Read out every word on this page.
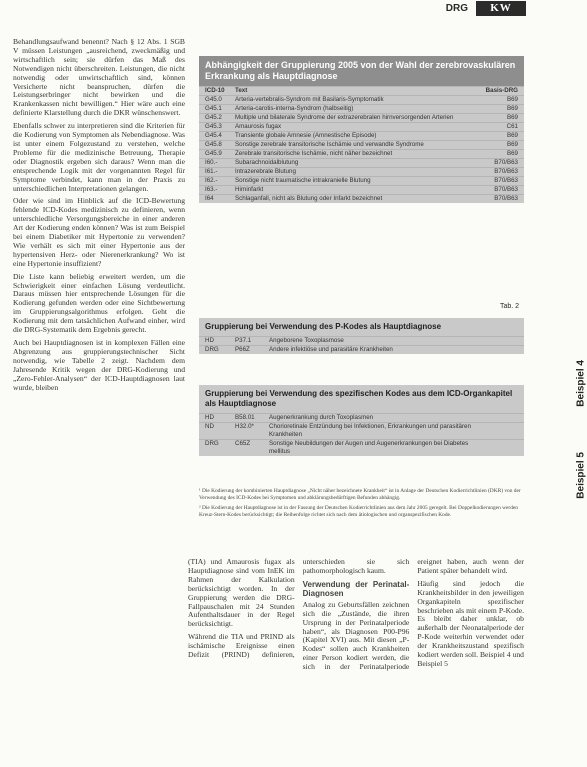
DRG	KW

Behandlungsaufwand benennt? Nach § 12 Abs. 1 SGB V müssen Leistungen „ausreichend, zweckmäßig und wirtschaftlich sein; sie dürfen das Maß des Notwendigen nicht überschreiten. Leistungen, die nicht notwendig oder unwirtschaftlich sind, können Versicherte nicht beanspruchen, dürfen die Leistungserbringer nicht bewirken und die Krankenkassen nicht bewilligen.“ Hier wäre auch eine definierte Klarstellung durch die DKR wünschenswert.

Ebenfalls schwer zu interpretieren sind die Kriterien für die Kodierung von Symptomen als Nebendiagnose. Was ist unter einem Folgezustand zu verstehen, welche Probleme für die medizinische Betreuung, Therapie oder Diagnostik ergeben sich daraus? Wenn man die entsprechende Logik mit der vorgenannten Regel für Symptome verbindet, kann man in der Praxis zu unterschiedlichen Interpretationen gelangen.

Oder wie sind im Hinblick auf die ICD-Bewertung fehlende ICD-Kodes medizinisch zu definieren, wenn unterschiedliche Versorgungsbereiche in einer anderen Art der Kodierung enden können? Was ist zum Beispiel bei einem Diabetiker mit Hypertonie zu verwenden? Wie verhält es sich mit einer Hypertonie aus der hypertensiven Herz- oder Nierenerkrankung? Wo ist eine Hypertonie insuffizient?

Die Liste kann beliebig erweitert werden, um die Schwierigkeit einer einfachen Lösung verdeutlicht. Daraus müssen hier entsprechende Lösungen für die Kodierung gefunden werden oder eine Sichtbewertung im Gruppierungsalgorithmus erfolgen. Geht die Kodierung mit dem tatsächlichen Aufwand einher, wird die DRG-Systematik dem Ergebnis gerecht.

Auch bei Hauptdiagnosen ist in komplexen Fällen eine Abgrenzung aus gruppierungstechnischer Sicht notwendig, wie Tabelle 2 zeigt. Nachdem dem Jahresende Kritik wegen der DRG-Kodierung und „Zero-Fehler-Analysen“ der ICD-Hauptdiagnosen laut wurde, bleiben

Abhängigkeit der Gruppierung 2005 von der Wahl der zerebrovaskulären Erkrankung als Hauptdiagnose
ICD-10	Text	Basis-DRG
G45.0	Arteria-vertebralis-Syndrom mit Basilaris-Symptomatik	B69
G45.1	Arteria-carotis-interna-Syndrom (halbseitig)	B69
G45.2	Multiple und bilaterale Syndrome der extrazerebralen hirnversorgenden Arterien	B69
G45.3	Amaurosis fugax	C61
G45.4	Transiente globale Amnesie (Amnestische Episode)	B69
G45.8	Sonstige zerebrale transitorische Ischämie und verwandte Syndrome	B69
G45.9	Zerebrale transitorische Ischämie, nicht näher bezeichnet	B69
I60.-	Subarachnoidalblutung	B70/B63
I61.-	Intrazerebrale Blutung	B70/B63
I62.-	Sonstige nicht traumatische intrakranielle Blutung	B70/B63
I63.-	Hirninfarkt	B70/B63
I64	Schlaganfall, nicht als Blutung oder Infarkt bezeichnet	B70/B63
Tab. 2
Gruppierung bei Verwendung des P-Kodes als Hauptdiagnose
HD	P37.1	Angeborene Toxoplasmose
DRG	P66Z	Andere infektiöse und parasitäre Krankheiten
Gruppierung bei Verwendung des spezifischen Kodes aus dem ICD-Organkapitel als Hauptdiagnose
HD	B58.01	Augenerkrankung durch Toxoplasmen
ND	H32.0*	Chorioretinale Entzündung bei Infektionen, Erkrankungen und parasitären Krankheiten
DRG	C65Z	Sonstige Neubildungen der Augen und Augenerkrankungen bei Diabetes mellitus
Beispiel 4
Beispiel 5

¹ Die Kodierung der kombinierten Hauptdiagnose „Nicht näher bezeichnete Krankheit“ ist in Anlage der Deutschen Kodierrichtlinien (DKR) von der Verwendung des ICD-Kodes bei Symptomen und abklärungsbedürftigen Befunden abhängig.

² Die Kodierung der Hauptdiagnose ist in der Fassung der Deutschen Kodierrichtlinien aus dem Jahr 2005 geregelt. Bei Doppelkodierungen werden Kreuz-Stern-Kodes berücksichtigt; die Reihenfolge richtet sich nach dem ätiologischen und organspezifischen Kode.

(TIA) und Amaurosis fugax als Hauptdiagnose sind vom InEK im Rahmen der Kalkulation berücksichtigt worden. In der Gruppierung werden die DRG-Fallpauschalen mit 24 Stunden Aufenthaltsdauer in der Regel berücksichtigt.

Während die TIA und PRIND als ischämische Ereignisse einen Defizit (PRIND) definieren, unterschieden sie sich pathomorphologisch kaum.

Verwendung der Perinatal-Diagnosen

Analog zu Geburtsfällen zeichnen sich die „Zustände, die ihren Ursprung in der Perinatalperiode haben“, als Diagnosen P00-P96 (Kapitel XVI) aus. Mit diesen „P-Kodes“ sollen auch Krankheiten einer Person kodiert werden, die sich in der Perinatalperiode ereignet haben, auch wenn der Patient später behandelt wird.

Häufig sind jedoch die Krankheitsbilder in den jeweiligen Organkapiteln spezifischer beschrieben als mit einem P-Kode. Es bleibt daher unklar, ob außerhalb der Neonatalperiode der P-Kode weiterhin verwendet oder der Krankheitszustand spezifisch kodiert werden soll. Beispiel 4 und Beispiel 5
